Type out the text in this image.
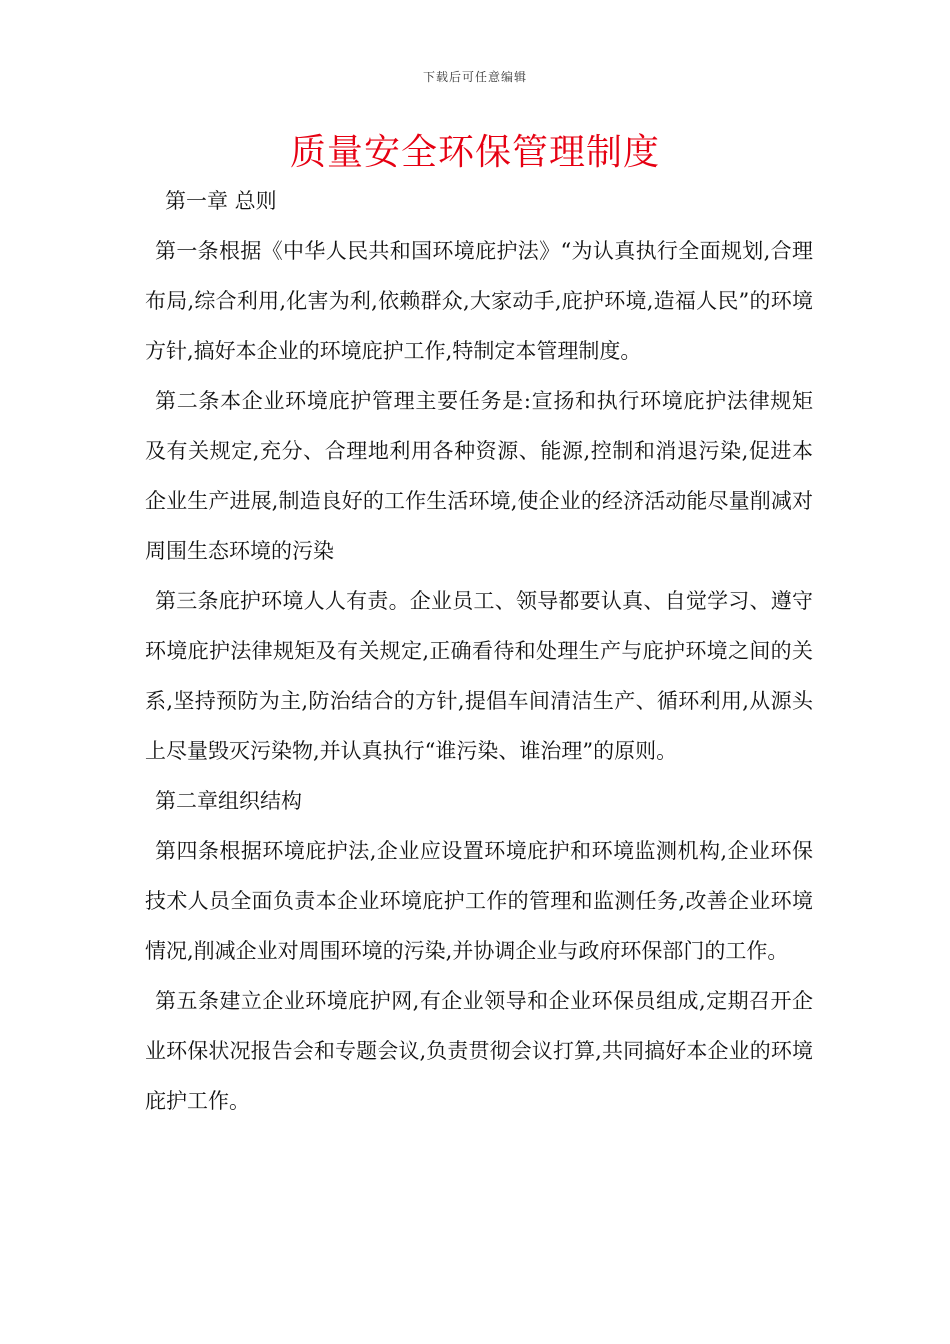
下载后可任意编辑
质量安全环保管理制度

第一章 总则

第一条根据《中华人民共和国环境庇护法》“为认真执行全面规划,合理布局,综合利用,化害为利,依赖群众,大家动手,庇护环境,造福人民”的环境方针,搞好本企业的环境庇护工作,特制定本管理制度。

第二条本企业环境庇护管理主要任务是:宣扬和执行环境庇护法律规矩及有关规定,充分、合理地利用各种资源、能源,控制和消退污染,促进本企业生产进展,制造良好的工作生活环境,使企业的经济活动能尽量削减对周围生态环境的污染

第三条庇护环境人人有责。企业员工、领导都要认真、自觉学习、遵守环境庇护法律规矩及有关规定,正确看待和处理生产与庇护环境之间的关系,坚持预防为主,防治结合的方针,提倡车间清洁生产、循环利用,从源头上尽量毁灭污染物,并认真执行“谁污染、谁治理”的原则。

第二章组织结构

第四条根据环境庇护法,企业应设置环境庇护和环境监测机构,企业环保技术人员全面负责本企业环境庇护工作的管理和监测任务,改善企业环境情况,削减企业对周围环境的污染,并协调企业与政府环保部门的工作。

第五条建立企业环境庇护网,有企业领导和企业环保员组成,定期召开企业环保状况报告会和专题会议,负责贯彻会议打算,共同搞好本企业的环境庇护工作。
